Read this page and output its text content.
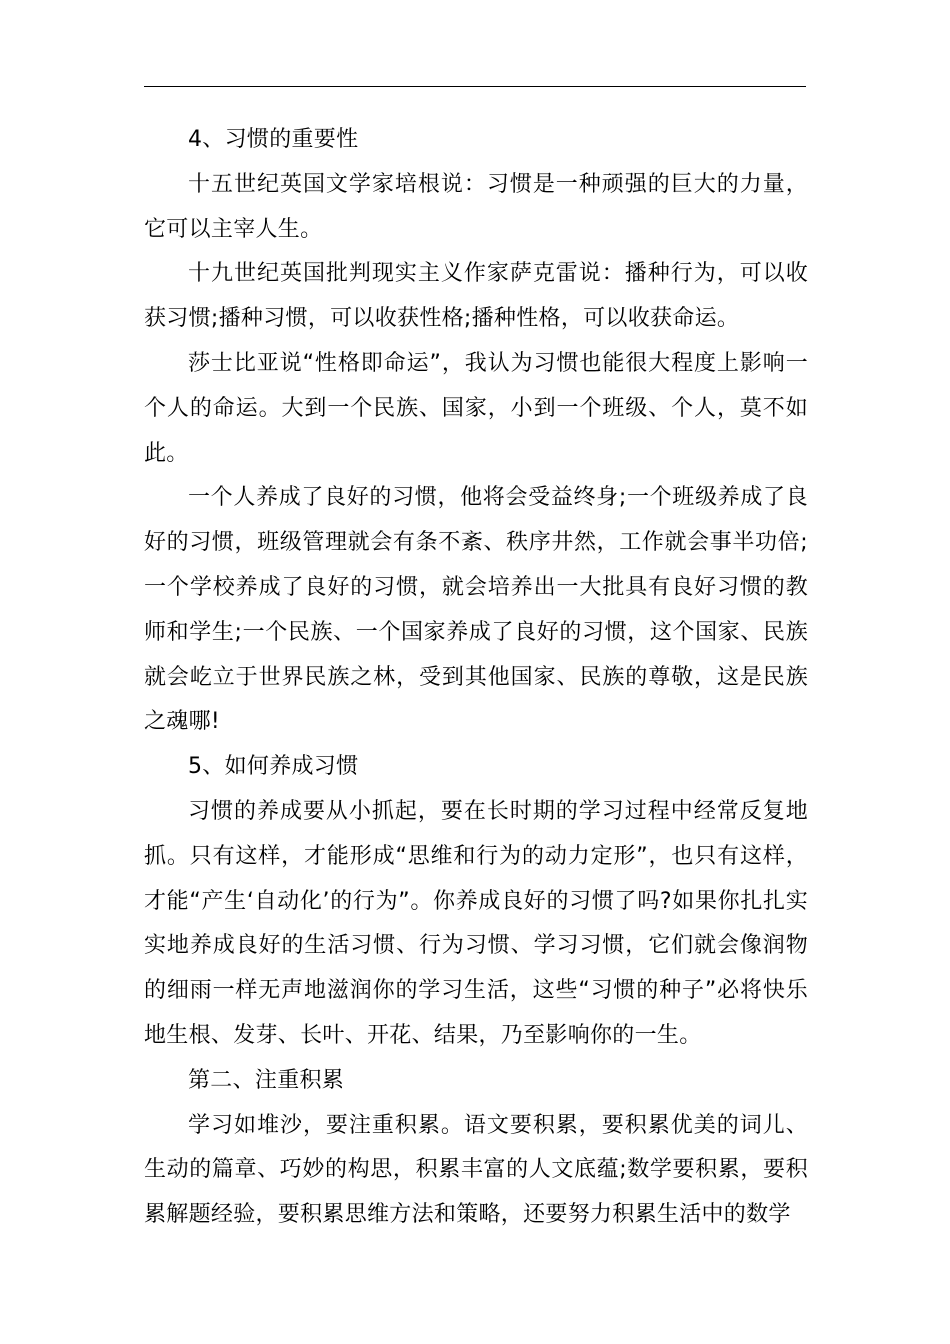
4、习惯的重要性

十五世纪英国文学家培根说：习惯是一种顽强的巨大的力量，它可以主宰人生。

十九世纪英国批判现实主义作家萨克雷说：播种行为，可以收获习惯;播种习惯，可以收获性格;播种性格，可以收获命运。

莎士比亚说“性格即命运”，我认为习惯也能很大程度上影响一个人的命运。大到一个民族、国家，小到一个班级、个人，莫不如此。

一个人养成了良好的习惯，他将会受益终身;一个班级养成了良好的习惯，班级管理就会有条不紊、秩序井然，工作就会事半功倍;一个学校养成了良好的习惯，就会培养出一大批具有良好习惯的教师和学生;一个民族、一个国家养成了良好的习惯，这个国家、民族就会屹立于世界民族之林，受到其他国家、民族的尊敬，这是民族之魂哪!

5、如何养成习惯

习惯的养成要从小抓起，要在长时期的学习过程中经常反复地抓。只有这样，才能形成“思维和行为的动力定形”，也只有这样，才能“产生‘自动化’的行为”。你养成良好的习惯了吗?如果你扎扎实实地养成良好的生活习惯、行为习惯、学习习惯，它们就会像润物的细雨一样无声地滋润你的学习生活，这些“习惯的种子”必将快乐地生根、发芽、长叶、开花、结果，乃至影响你的一生。

第二、注重积累

学习如堆沙，要注重积累。语文要积累，要积累优美的词儿、生动的篇章、巧妙的构思，积累丰富的人文底蕴;数学要积累，要积累解题经验，要积累思维方法和策略，还要努力积累生活中的数学
